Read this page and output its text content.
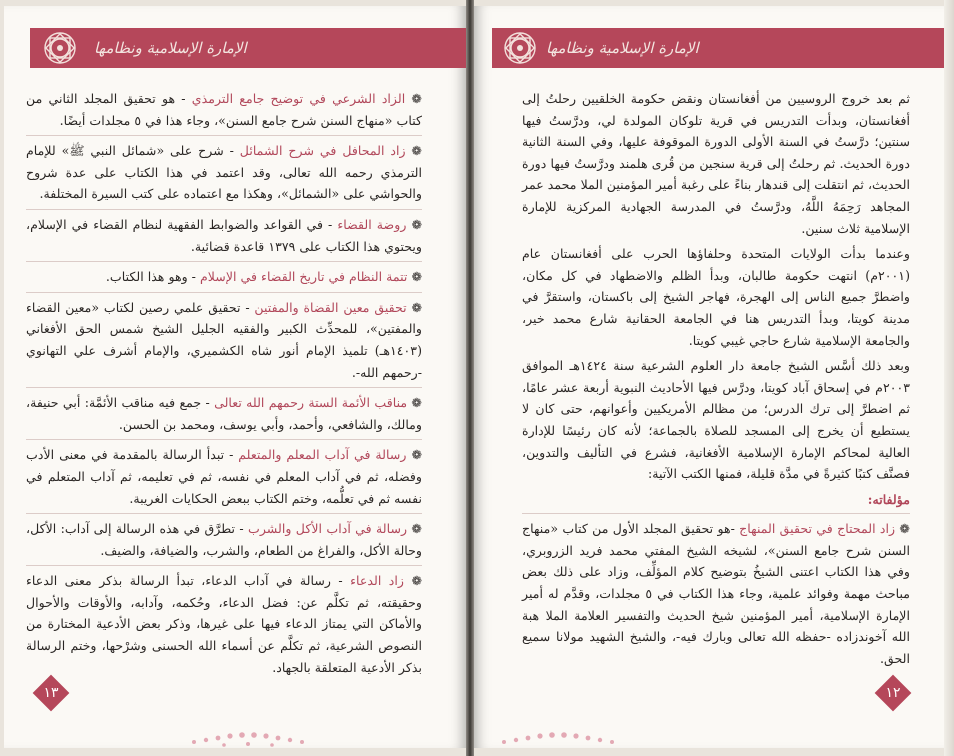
الإمارة الإسلامية ونظامها

❁ الزاد الشرعي في توضيح جامع الترمذي - هو تحقيق المجلد الثاني من كتاب «منهاج السنن شرح جامع السنن»، وجاء هذا في ٥ مجلدات أيضًا.

❁ زاد المحافل في شرح الشمائل - شرح على «شمائل النبي ﷺ» للإمام الترمذي رحمه الله تعالى، وقد اعتمد في هذا الكتاب على عدة شروح والحواشي على «الشمائل»، وهكذا مع اعتماده على كتب السيرة المختلفة.

❁ روضة القضاء - في القواعد والضوابط الفقهية لنظام القضاء في الإسلام، ويحتوي هذا الكتاب على ١٣٧٩ قاعدة قضائية.

❁ تتمة النظام في تاريخ القضاء في الإسلام - وهو هذا الكتاب.

❁ تحقيق معين القضاة والمفتين - تحقيق علمي رصين لكتاب «معين القضاء والمفتين»، للمحدِّث الكبير والفقيه الجليل الشيخ شمس الحق الأفغاني (١٤٠٣هـ) تلميذ الإمام أنور شاه الكشميري، والإمام أشرف علي التهانوي -رحمهم الله-.

❁ مناقب الأئمة الستة رحمهم الله تعالى - جمع فيه مناقب الأئمَّة: أبي حنيفة، ومالك، والشافعي، وأحمد، وأبي يوسف، ومحمد بن الحسن.

❁ رسالة في آداب المعلم والمتعلم - تبدأ الرسالة بالمقدمة في معنى الأدب وفضله، ثم في آداب المعلم في نفسه، ثم في تعليمه، ثم آداب المتعلم في نفسه ثم في تعلُّمه، وختم الكتاب ببعض الحكايات الغريبة.

❁ رسالة في آداب الأكل والشرب - تطرَّق في هذه الرسالة إلى آداب: الأكل، وحالة الأكل، والفراغ من الطعام، والشرب، والضيافة، والضيف.

❁ زاد الدعاء - رسالة في آداب الدعاء، تبدأ الرسالة بذكر معنى الدعاء وحقيقته، ثم تكلَّم عن: فضل الدعاء، وحُكمه، وآدابه، والأوقات والأحوال والأماكن التي يمتاز الدعاء فيها على غيرها، وذكر بعض الأدعية المختارة من النصوص الشرعية، ثم تكلَّم عن أسماء الله الحسنى وشرْحها، وختم الرسالة بذكر الأدعية المتعلقة بالجهاد.

١٣
الإمارة الإسلامية ونظامها

ثم بعد خروج الروسيين من أفغانستان ونقض حكومة الخلقيين رحلتُ إلى أفغانستان، وبدأت التدريس في قرية تلوكان المولدة لي، ودرَّستُ فيها سنتين؛ درَّستُ في السنة الأولى الدورة الموقوفة عليها، وفي السنة الثانية دورة الحديث. ثم رحلتُ إلى قرية سنجين من قُرى هلمند ودرَّستُ فيها دورة الحديث، ثم انتقلت إلى قندهار بناءً على رغبة أمير المؤمنين الملا محمد عمر المجاهد رَحِمَهُ اللَّهُ، ودرَّستُ في المدرسة الجهادية المركزية للإمارة الإسلامية ثلاث سنين.

وعندما بدأت الولايات المتحدة وحلفاؤها الحرب على أفغانستان عام (٢٠٠١م) انتهت حكومة طالبان، وبدأ الظلم والاضطهاد في كل مكان، واضطرَّ جميع الناس إلى الهجرة، فهاجر الشيخ إلى باكستان، واستقرَّ في مدينة كويتا، وبدأ التدريس هنا في الجامعة الحقانية شارع محمد خير، والجامعة الإسلامية شارع حاجي غيبي كويتا.

وبعد ذلك أسَّس الشيخ جامعة دار العلوم الشرعية سنة ١٤٢٤هـ الموافق ٢٠٠٣م في إسحاق آباد كويتا، ودرَّس فيها الأحاديث النبوية أربعة عشر عامًا، ثم اضطرَّ إلى ترك الدرس؛ من مظالم الأمريكيين وأعوانهم، حتى كان لا يستطيع أن يخرج إلى المسجد للصلاة بالجماعة؛ لأنه كان رئيسًا للإدارة العالية لمحاكم الإمارة الإسلامية الأفغانية، فشرع في التأليف والتدوين، فصنَّف كتبًا كثيرةً في مدَّة قليلة، فمنها الكتب الآتية:

مؤلفاته:

❁ زاد المحتاج في تحقيق المنهاج -هو تحقيق المجلد الأول من كتاب «منهاج السنن شرح جامع السنن»، لشيخه الشيخ المفتي محمد فريد الزروبري، وفي هذا الكتاب اعتنى الشيخُ بتوضيح كلام المؤلِّف، وزاد على ذلك بعض مباحث مهمة وفوائد علمية، وجاء هذا الكتاب في ٥ مجلدات، وقدَّم له أمير الإمارة الإسلامية، أمير المؤمنين شيخ الحديث والتفسير العلامة الملا هبة الله آخوندزاده -حفظه الله تعالى وبارك فيه-، والشيخ الشهيد مولانا سميع الحق.

١٢
